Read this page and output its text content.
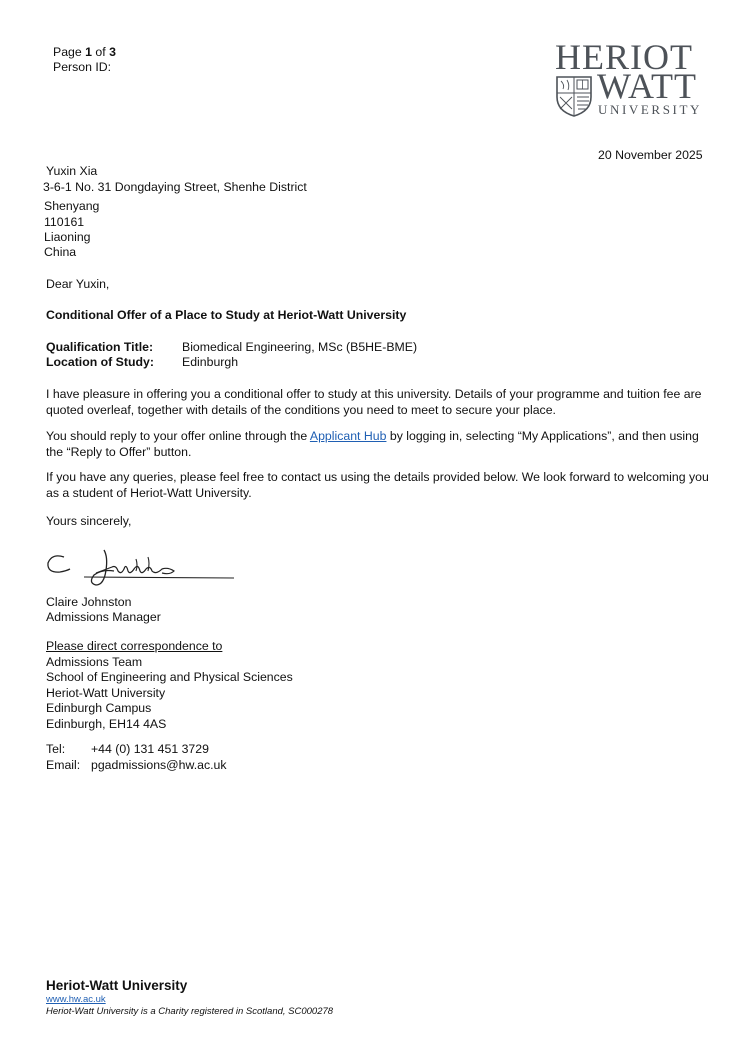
Page 1 of 3
Person ID:	HERIOT
WATT
UNIVERSITY
20 November 2025
Yuxin Xia
3-6-1 No. 31 Dongdaying Street, Shenhe District
Shenyang
110161
Liaoning
China
Dear Yuxin,
Conditional Offer of a Place to Study at Heriot-Watt University
Qualification Title: Biomedical Engineering, MSc (B5HE-BME)
Location of Study: Edinburgh
I have pleasure in offering you a conditional offer to study at this university. Details of your programme and tuition fee are quoted overleaf, together with details of the conditions you need to meet to secure your place.
You should reply to your offer online through the Applicant Hub by logging in, selecting “My Applications”, and then using the “Reply to Offer” button.
If you have any queries, please feel free to contact us using the details provided below. We look forward to welcoming you as a student of Heriot-Watt University.
Yours sincerely,
Claire Johnston
Admissions Manager
Please direct correspondence to
Admissions Team
School of Engineering and Physical Sciences
Heriot-Watt University
Edinburgh Campus
Edinburgh, EH14 4AS
Tel: +44 (0) 131 451 3729
Email: pgadmissions@hw.ac.uk
Heriot-Watt University
www.hw.ac.uk
Heriot-Watt University is a Charity registered in Scotland, SC000278
